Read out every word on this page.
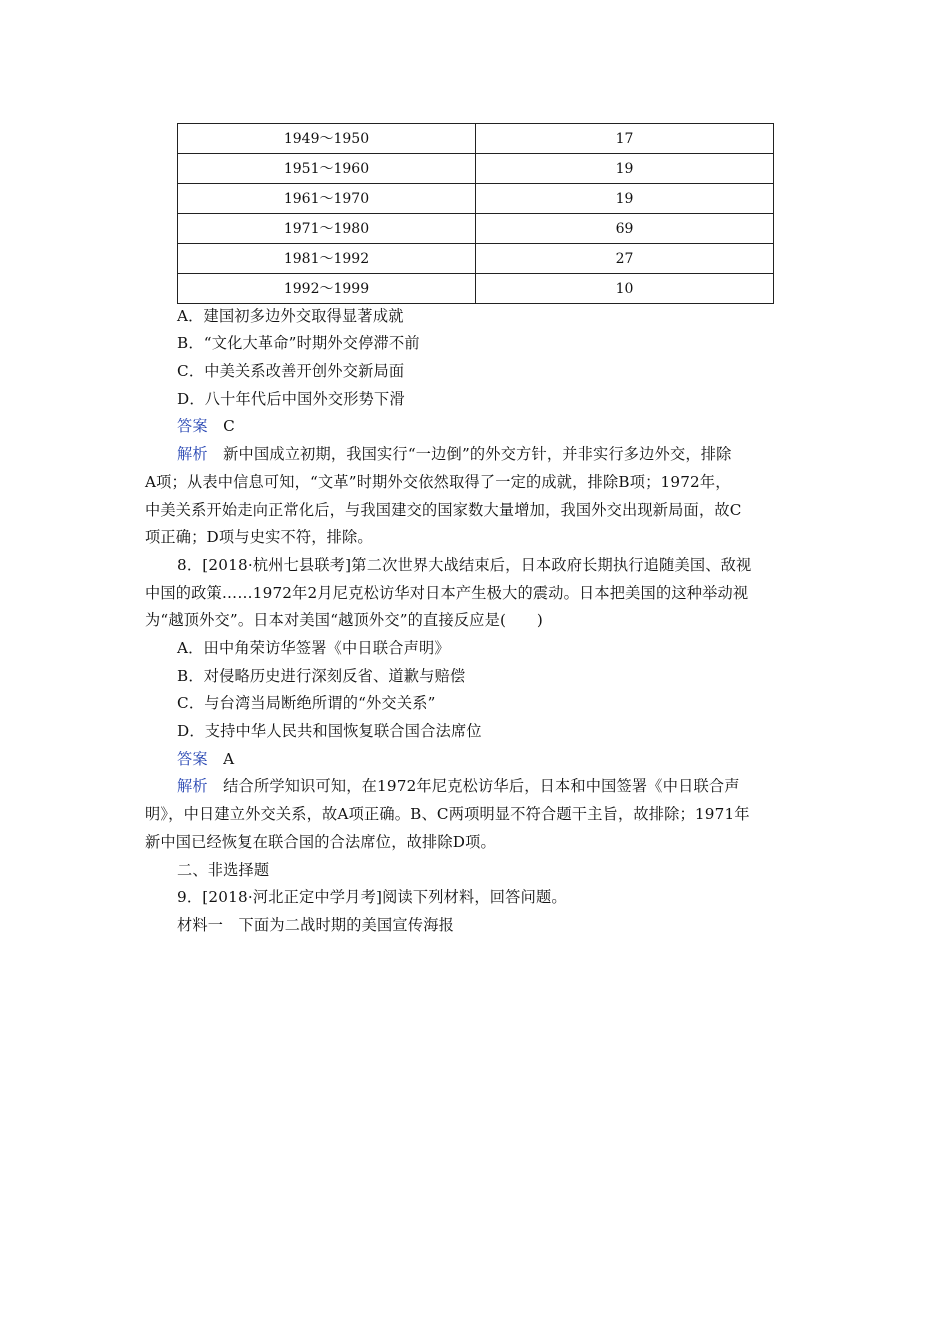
1949～1950	17
1951～1960	19
1961～1970	19
1971～1980	69
1981～1992	27
1992～1999	10
A．建国初多边外交取得显著成就
B．“文化大革命”时期外交停滞不前
C．中美关系改善开创外交新局面
D．八十年代后中国外交形势下滑
答案　 C
解析　 新中国成立初期，我国实行“一边倒”的外交方针，并非实行多边外交，排除
A项；从表中信息可知，“文革”时期外交依然取得了一定的成就，排除B项；1972年，
中美关系开始走向正常化后，与我国建交的国家数大量增加，我国外交出现新局面，故C
项正确；D项与史实不符，排除。
8．[2018·杭州七县联考]第二次世界大战结束后，日本政府长期执行追随美国、敌视
中国的政策……1972年2月尼克松访华对日本产生极大的震动。日本把美国的这种举动视
为“越顶外交”。日本对美国“越顶外交”的直接反应是(　　)
A．田中角荣访华签署《中日联合声明》
B．对侵略历史进行深刻反省、道歉与赔偿
C．与台湾当局断绝所谓的“外交关系”
D．支持中华人民共和国恢复联合国合法席位
答案　 A
解析　 结合所学知识可知，在1972年尼克松访华后，日本和中国签署《中日联合声
明》，中日建立外交关系，故A项正确。B、C两项明显不符合题干主旨，故排除；1971年
新中国已经恢复在联合国的合法席位，故排除D项。
二、非选择题
9．[2018·河北正定中学月考]阅读下列材料，回答问题。
材料一　下面为二战时期的美国宣传海报
